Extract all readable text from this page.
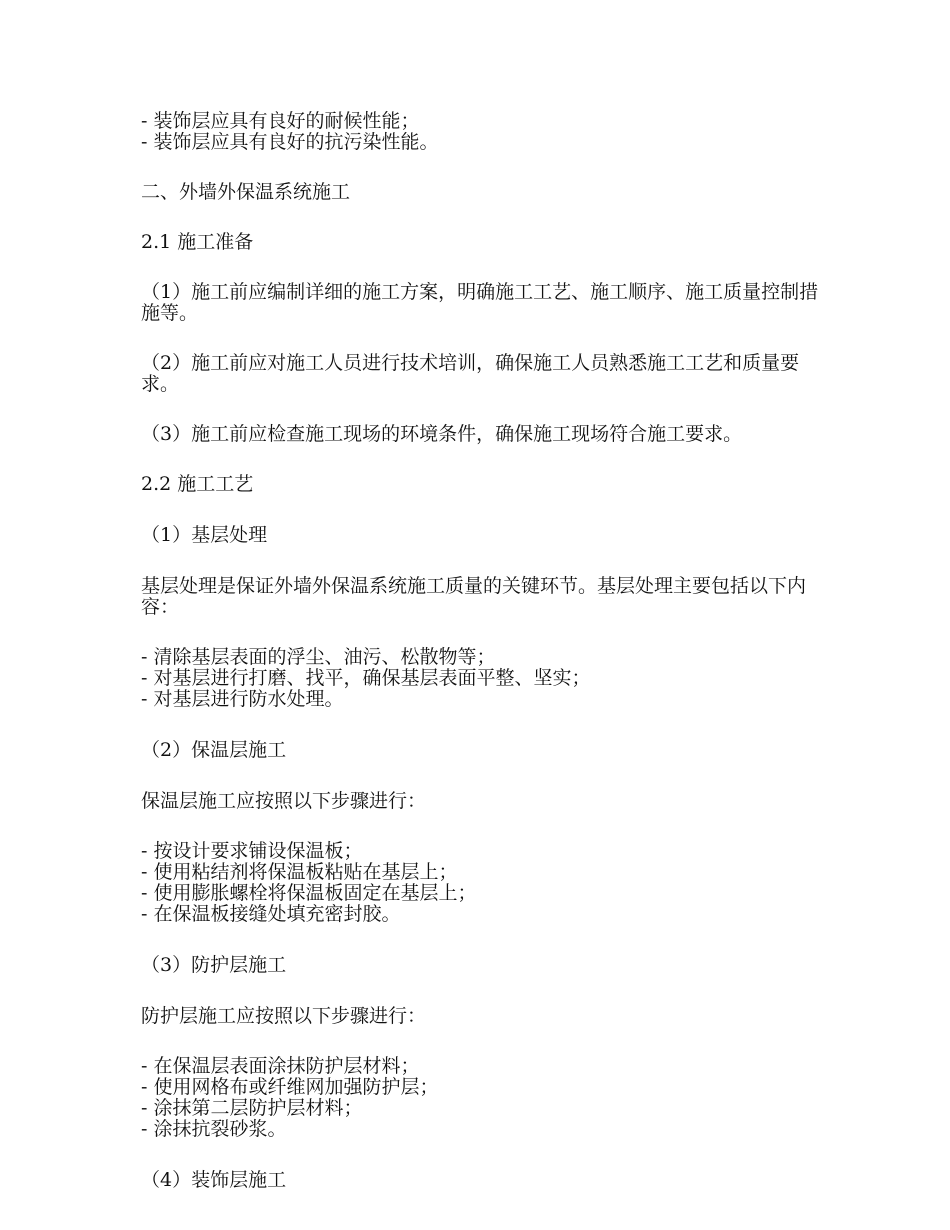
- 装饰层应具有良好的耐候性能；
- 装饰层应具有良好的抗污染性能。

二、外墙外保温系统施工

2.1 施工准备

（1）施工前应编制详细的施工方案，明确施工工艺、施工顺序、施工质量控制措施等。

（2）施工前应对施工人员进行技术培训，确保施工人员熟悉施工工艺和质量要求。

（3）施工前应检查施工现场的环境条件，确保施工现场符合施工要求。

2.2 施工工艺

（1）基层处理

基层处理是保证外墙外保温系统施工质量的关键环节。基层处理主要包括以下内容：

- 清除基层表面的浮尘、油污、松散物等；
- 对基层进行打磨、找平，确保基层表面平整、坚实；
- 对基层进行防水处理。

（2）保温层施工

保温层施工应按照以下步骤进行：

- 按设计要求铺设保温板；
- 使用粘结剂将保温板粘贴在基层上；
- 使用膨胀螺栓将保温板固定在基层上；
- 在保温板接缝处填充密封胶。

（3）防护层施工

防护层施工应按照以下步骤进行：

- 在保温层表面涂抹防护层材料；
- 使用网格布或纤维网加强防护层；
- 涂抹第二层防护层材料；
- 涂抹抗裂砂浆。

（4）装饰层施工
